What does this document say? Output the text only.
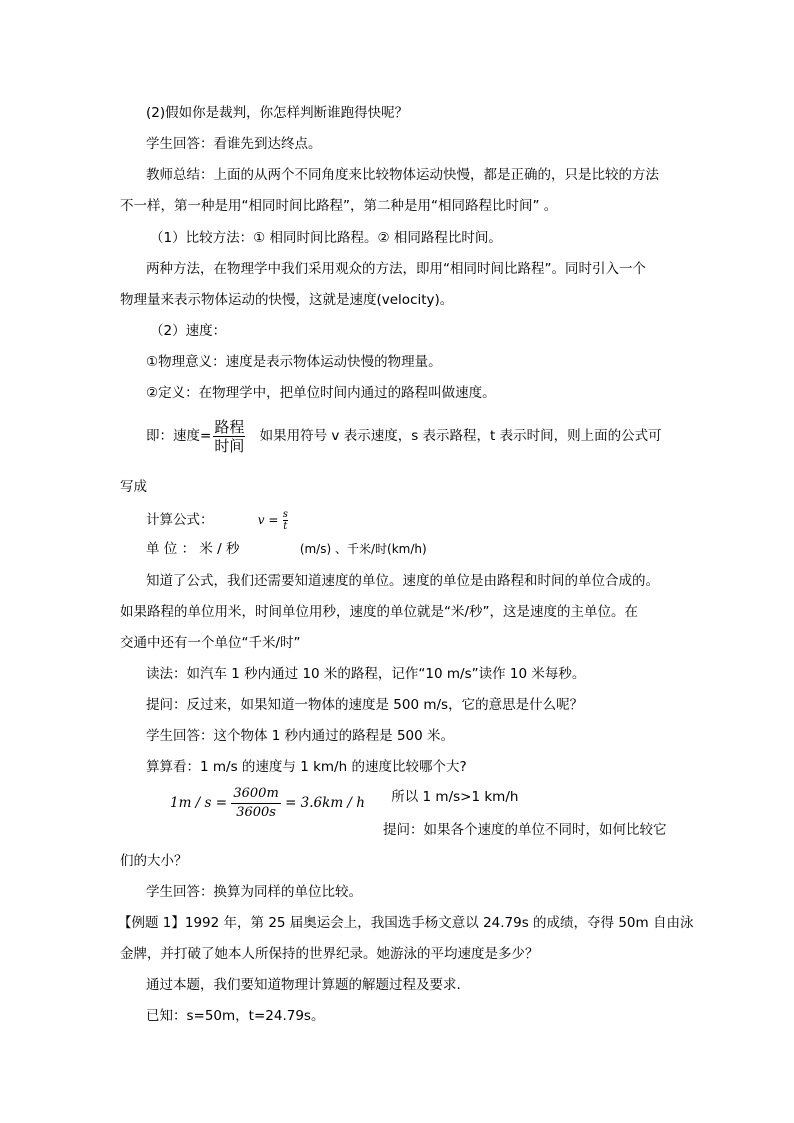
(2)假如你是裁判，你怎样判断谁跑得快呢？
学生回答：看谁先到达终点。
教师总结：上面的从两个不同角度来比较物体运动快慢，都是正确的，只是比较的方法
不一样，第一种是用“相同时间比路程”，第二种是用“相同路程比时间” 。
（1）比较方法：① 相同时间比路程。② 相同路程比时间。
两种方法，在物理学中我们采用观众的方法，即用“相同时间比路程”。同时引入一个
物理量来表示物体运动的快慢，这就是速度(velocity)。
（2）速度：
①物理意义：速度是表示物体运动快慢的物理量。
②定义：在物理学中，把单位时间内通过的路程叫做速度。
即：速度= $\frac{\text{路程}}{\text{时间}}$ 如果用符号 v 表示速度，s 表示路程，t 表示时间，则上面的公式可
写成
计算公式：	$v = \frac{s}{t}$
单 位 ： 米 / 秒	(m/s) 、千米/时(km/h)
知道了公式，我们还需要知道速度的单位。速度的单位是由路程和时间的单位合成的。
如果路程的单位用米，时间单位用秒，速度的单位就是“米/秒”，这是速度的主单位。在
交通中还有一个单位“千米/时”
读法：如汽车 1 秒内通过 10 米的路程，记作“10 m/s”读作 10 米每秒。
提问：反过来，如果知道一物体的速度是 500 m/s，它的意思是什么呢？
学生回答：这个物体 1 秒内通过的路程是 500 米。
算算看：1 m/s 的速度与 1 km/h 的速度比较哪个大?
$1m / s = \frac{3600m}{3600s} = 3.6km / h$ 所以 1 m/s>1 km/h
提问：如果各个速度的单位不同时，如何比较它
们的大小？
学生回答：换算为同样的单位比较。
【例题 1】1992 年，第 25 届奥运会上，我国选手杨文意以 24.79s 的成绩，夺得 50m 自由泳
金牌，并打破了她本人所保持的世界纪录。她游泳的平均速度是多少？
通过本题，我们要知道物理计算题的解题过程及要求.
已知：s=50m，t=24.79s。
